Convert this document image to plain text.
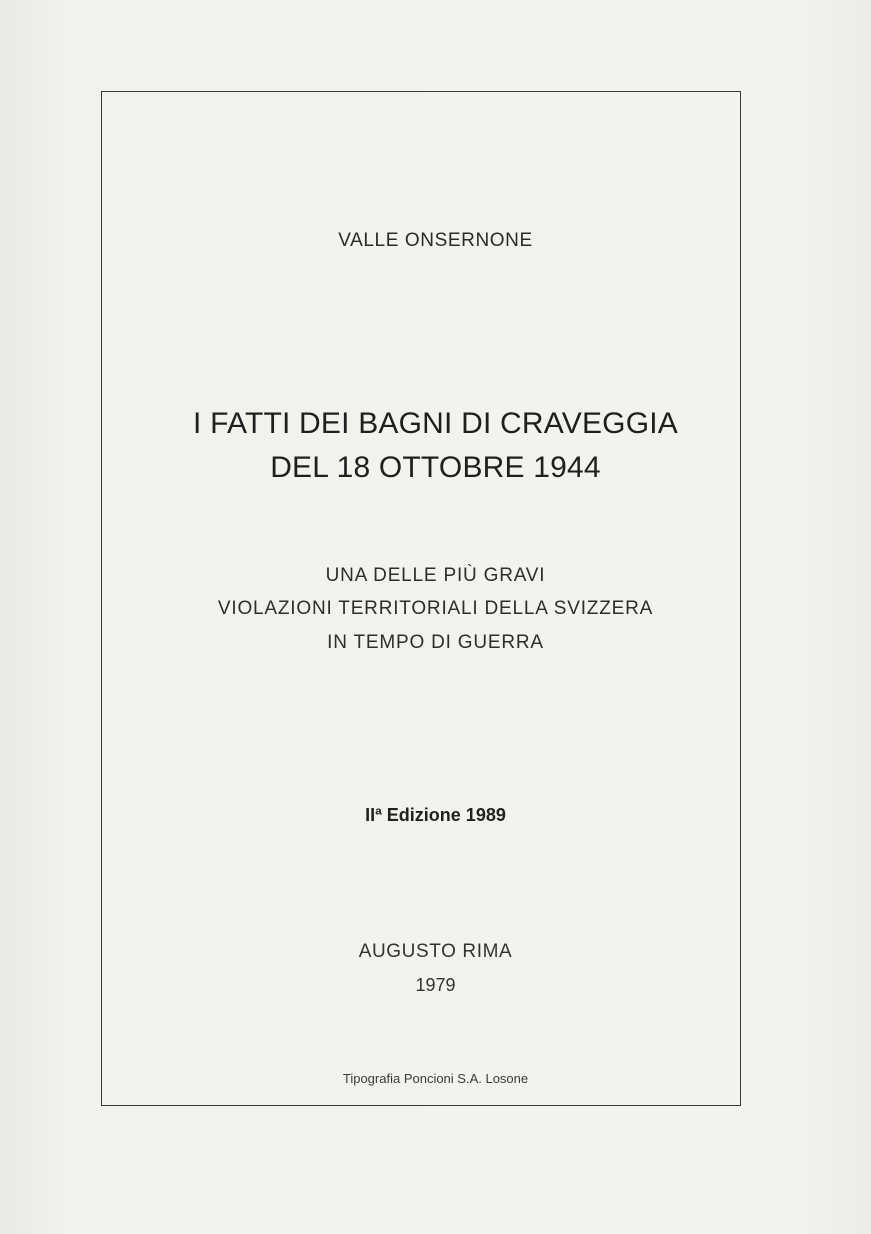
VALLE ONSERNONE
I FATTI DEI BAGNI DI CRAVEGGIA
DEL 18 OTTOBRE 1944
UNA DELLE PIÙ GRAVI
VIOLAZIONI TERRITORIALI DELLA SVIZZERA
IN TEMPO DI GUERRA
IIª Edizione 1989
AUGUSTO RIMA
1979
Tipografia Poncioni S.A. Losone
